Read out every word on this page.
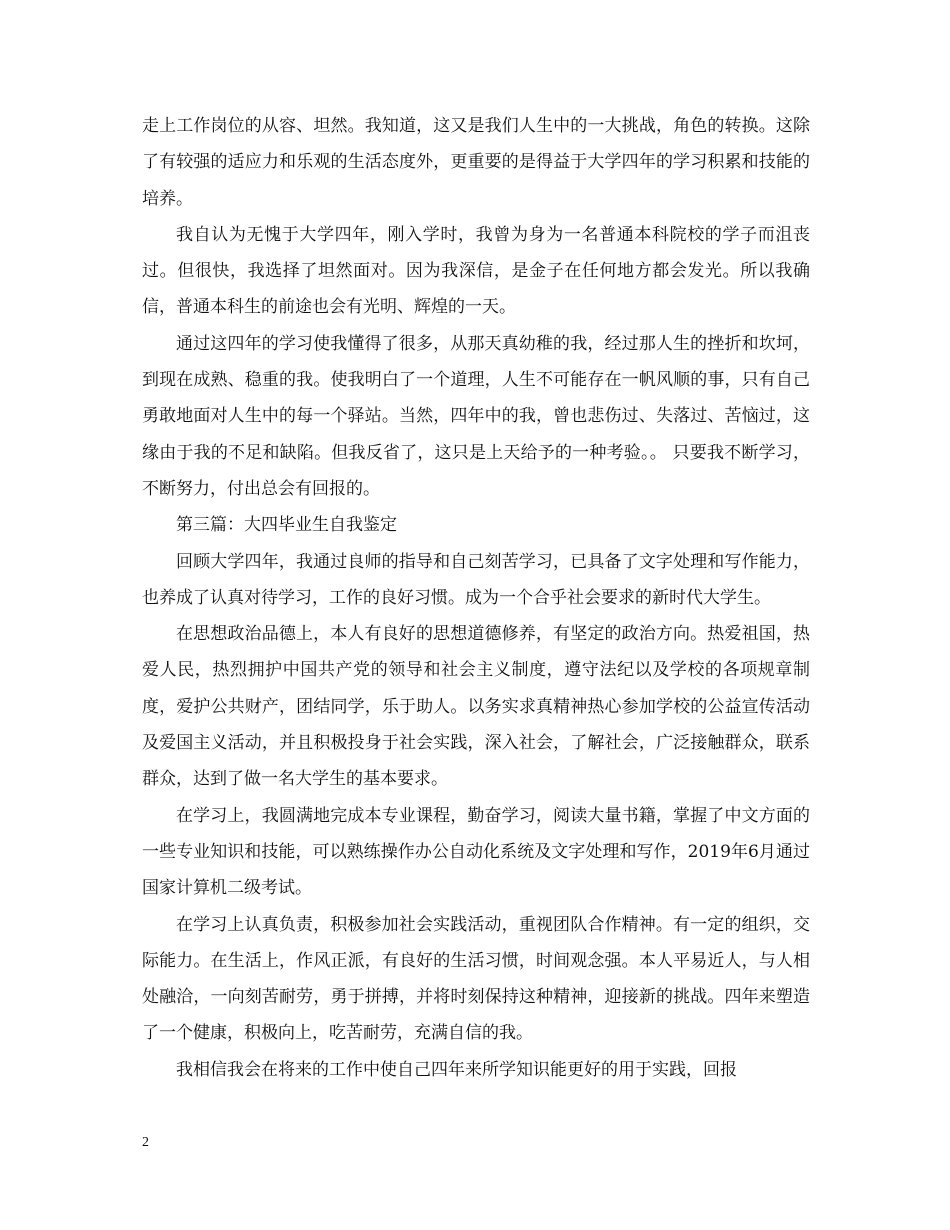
走上工作岗位的从容、坦然。我知道，这又是我们人生中的一大挑战，角色的转换。这除了有较强的适应力和乐观的生活态度外，更重要的是得益于大学四年的学习积累和技能的培养。

我自认为无愧于大学四年，刚入学时，我曾为身为一名普通本科院校的学子而沮丧过。但很快，我选择了坦然面对。因为我深信，是金子在任何地方都会发光。所以我确信，普通本科生的前途也会有光明、辉煌的一天。

通过这四年的学习使我懂得了很多，从那天真幼稚的我，经过那人生的挫折和坎坷，到现在成熟、稳重的我。使我明白了一个道理，人生不可能存在一帆风顺的事，只有自己勇敢地面对人生中的每一个驿站。当然，四年中的我，曾也悲伤过、失落过、苦恼过，这缘由于我的不足和缺陷。但我反省了，这只是上天给予的一种考验。。 只要我不断学习，不断努力，付出总会有回报的。

第三篇：大四毕业生自我鉴定

回顾大学四年，我通过良师的指导和自己刻苦学习，已具备了文字处理和写作能力，也养成了认真对待学习，工作的良好习惯。成为一个合乎社会要求的新时代大学生。

在思想政治品德上，本人有良好的思想道德修养，有坚定的政治方向。热爱祖国，热爱人民，热烈拥护中国共产党的领导和社会主义制度，遵守法纪以及学校的各项规章制度，爱护公共财产，团结同学，乐于助人。以务实求真精神热心参加学校的公益宣传活动及爱国主义活动，并且积极投身于社会实践，深入社会，了解社会，广泛接触群众，联系群众，达到了做一名大学生的基本要求。

在学习上，我圆满地完成本专业课程，勤奋学习，阅读大量书籍，掌握了中文方面的一些专业知识和技能，可以熟练操作办公自动化系统及文字处理和写作，2019年6月通过国家计算机二级考试。

在学习上认真负责，积极参加社会实践活动，重视团队合作精神。有一定的组织，交际能力。在生活上，作风正派，有良好的生活习惯，时间观念强。本人平易近人，与人相处融洽，一向刻苦耐劳，勇于拼搏，并将时刻保持这种精神，迎接新的挑战。四年来塑造了一个健康，积极向上，吃苦耐劳，充满自信的我。

我相信我会在将来的工作中使自己四年来所学知识能更好的用于实践，回报

2
